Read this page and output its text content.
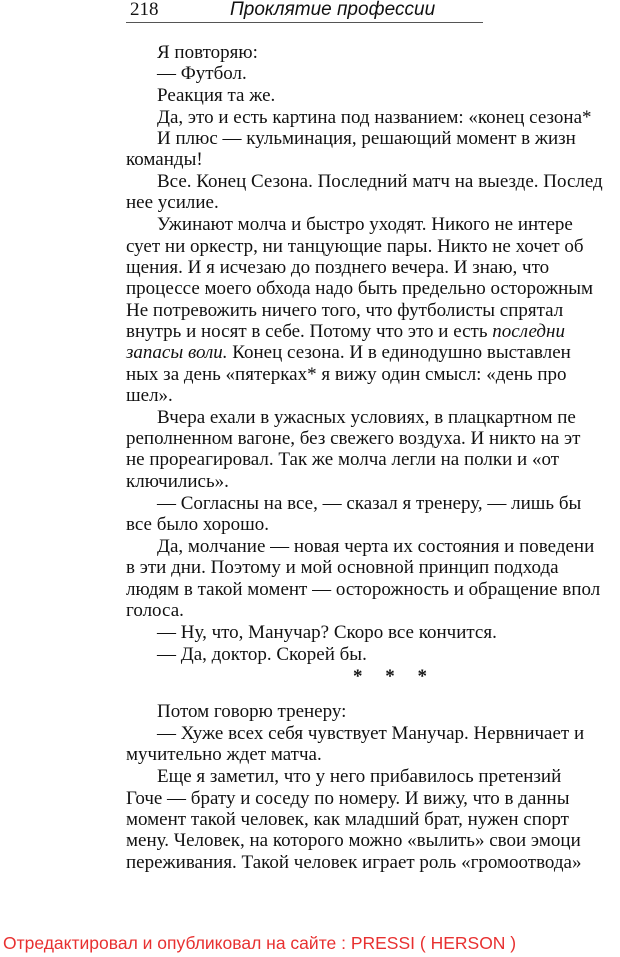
218	Проклятие профессии
Я повторяю:
— Футбол.
Реакция та же.
Да, это и есть картина под названием: «конец сезона*
И плюс — кульминация, решающий момент в жизн
команды!
Все. Конец Сезона. Последний матч на выезде. Послед
нее усилие.
Ужинают молча и быстро уходят. Никого не интере
сует ни оркестр, ни танцующие пары. Никто не хочет об
щения. И я исчезаю до позднего вечера. И знаю, что
процессе моего обхода надо быть предельно осторожным
Не потревожить ничего того, что футболисты спрятал
внутрь и носят в себе. Потому что это и есть последни
запасы воли. Конец сезона. И в единодушно выставлен
ных за день «пятерках* я вижу один смысл: «день про
шел».
Вчера ехали в ужасных условиях, в плацкартном пе
реполненном вагоне, без свежего воздуха. И никто на эт
не прореагировал. Так же молча легли на полки и «от
ключились».
— Согласны на все, — сказал я тренеру, — лишь бы
все было хорошо.
Да, молчание — новая черта их состояния и поведени
в эти дни. Поэтому и мой основной принцип подхода
людям в такой момент — осторожность и обращение впол
голоса.
— Ну, что, Манучар? Скоро все кончится.
— Да, доктор. Скорей бы.
* * *
Потом говорю тренеру:
— Хуже всех себя чувствует Манучар. Нервничает и
мучительно ждет матча.
Еще я заметил, что у него прибавилось претензий
Гоче — брату и соседу по номеру. И вижу, что в данны
момент такой человек, как младший брат, нужен спорт
мену. Человек, на которого можно «вылить» свои эмоци
переживания. Такой человек играет роль «громоотвода»
Отредактировал и опубликовал на сайте : PRESSI ( HERSON )
